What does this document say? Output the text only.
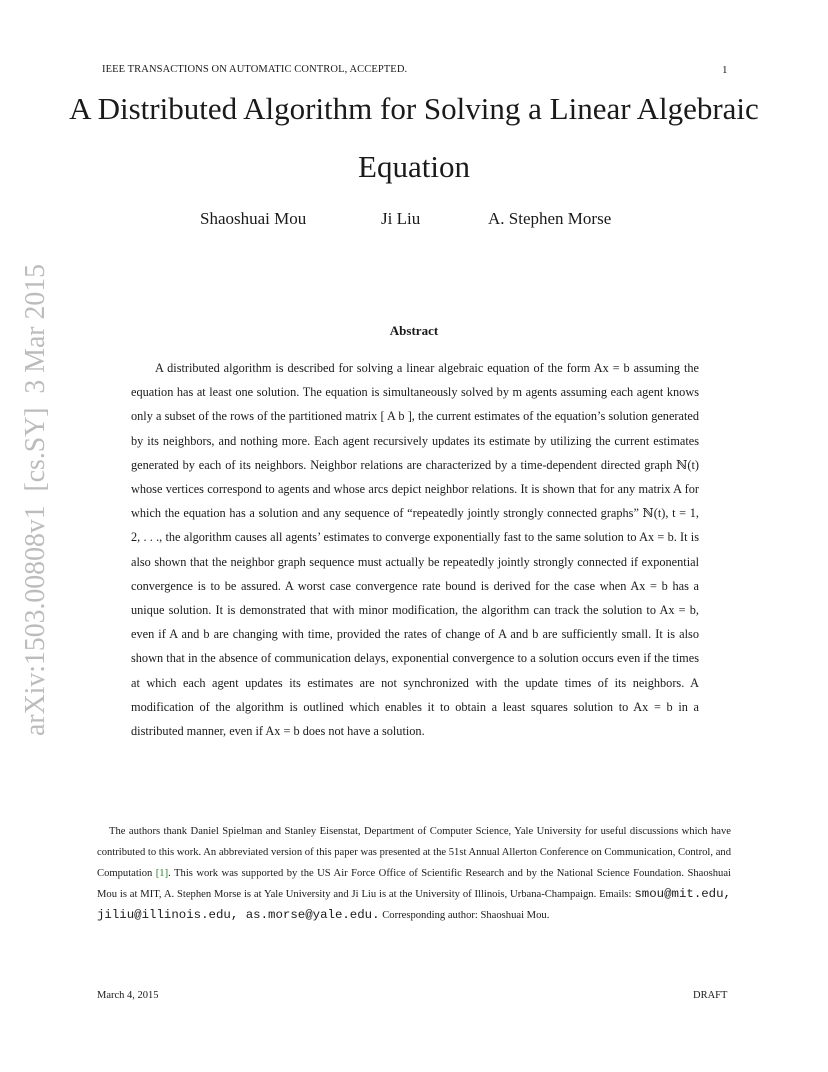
IEEE TRANSACTIONS ON AUTOMATIC CONTROL, ACCEPTED.	1
arXiv:1503.00808v1  [cs.SY]  3 Mar 2015
A Distributed Algorithm for Solving a Linear Algebraic Equation
Shaoshuai Mou	Ji Liu	A. Stephen Morse
Abstract
A distributed algorithm is described for solving a linear algebraic equation of the form Ax = b assuming the equation has at least one solution. The equation is simultaneously solved by m agents assuming each agent knows only a subset of the rows of the partitioned matrix [ A b ], the current estimates of the equation’s solution generated by its neighbors, and nothing more. Each agent recursively updates its estimate by utilizing the current estimates generated by each of its neighbors. Neighbor relations are characterized by a time-dependent directed graph ℕ(t) whose vertices correspond to agents and whose arcs depict neighbor relations. It is shown that for any matrix A for which the equation has a solution and any sequence of “repeatedly jointly strongly connected graphs” ℕ(t), t = 1, 2, . . ., the algorithm causes all agents’ estimates to converge exponentially fast to the same solution to Ax = b. It is also shown that the neighbor graph sequence must actually be repeatedly jointly strongly connected if exponential convergence is to be assured. A worst case convergence rate bound is derived for the case when Ax = b has a unique solution. It is demonstrated that with minor modification, the algorithm can track the solution to Ax = b, even if A and b are changing with time, provided the rates of change of A and b are sufficiently small. It is also shown that in the absence of communication delays, exponential convergence to a solution occurs even if the times at which each agent updates its estimates are not synchronized with the update times of its neighbors. A modification of the algorithm is outlined which enables it to obtain a least squares solution to Ax = b in a distributed manner, even if Ax = b does not have a solution.
The authors thank Daniel Spielman and Stanley Eisenstat, Department of Computer Science, Yale University for useful discussions which have contributed to this work. An abbreviated version of this paper was presented at the 51st Annual Allerton Conference on Communication, Control, and Computation [1]. This work was supported by the US Air Force Office of Scientific Research and by the National Science Foundation. Shaoshuai Mou is at MIT, A. Stephen Morse is at Yale University and Ji Liu is at the University of Illinois, Urbana-Champaign. Emails: smou@mit.edu, jiliu@illinois.edu, as.morse@yale.edu. Corresponding author: Shaoshuai Mou.
March 4, 2015	DRAFT
